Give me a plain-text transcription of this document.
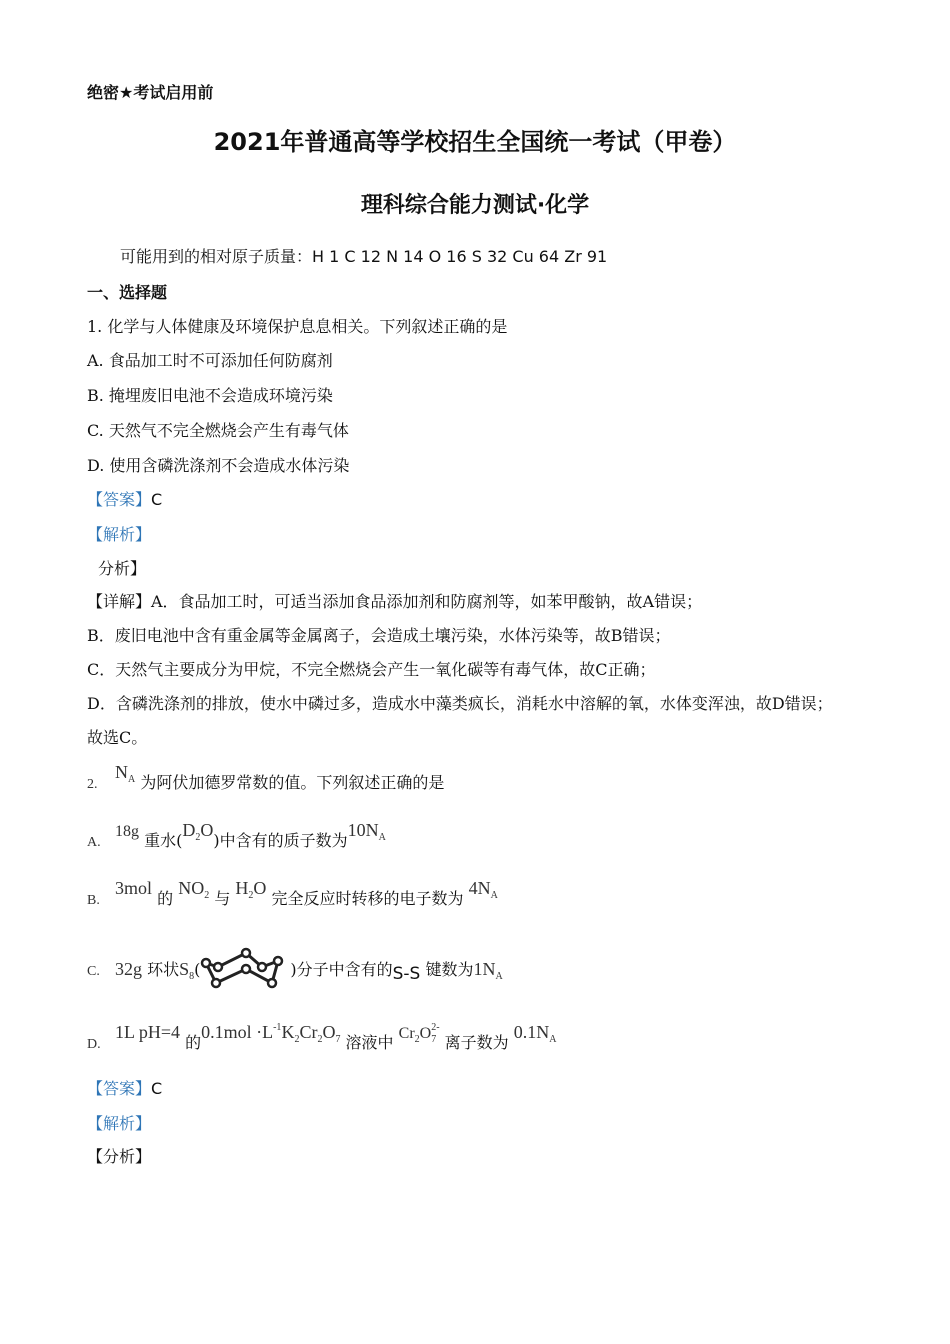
绝密★考试启用前
2021年普通高等学校招生全国统一考试（甲卷）
理科综合能力测试·化学
可能用到的相对原子质量：H 1 C 12 N 14 O 16 S 32 Cu 64 Zr 91
一、选择题
1. 化学与人体健康及环境保护息息相关。下列叙述正确的是
A. 食品加工时不可添加任何防腐剂
B. 掩埋废旧电池不会造成环境污染
C. 天然气不完全燃烧会产生有毒气体
D. 使用含磷洗涤剂不会造成水体污染
【答案】C
【解析】
分析】
【详解】A．食品加工时，可适当添加食品添加剂和防腐剂等，如苯甲酸钠，故A错误；
B．废旧电池中含有重金属等金属离子，会造成土壤污染，水体污染等，故B错误；
C．天然气主要成分为甲烷，不完全燃烧会产生一氧化碳等有毒气体，故C正确；
D．含磷洗涤剂的排放，使水中磷过多，造成水中藻类疯长，消耗水中溶解的氧，水体变浑浊，故D错误；
故选C。
$2.N^A$ 为阿伏加德罗常数的值。下列叙述正确的是
A.18g 重水$(D^2O)$中含有的质子数为$10N^A$
B.3mol 的 $NO^2$ 与 $H^2O$ 完全反应时转移的电子数为 $4N^A$
C. 32g 环状$S_8$(	)分子中含有的S-S 键数为$1N_A$
D.1L pH=4 的$0.1mol \cdot L^{-1}K^2Cr^2O^7$ 溶液中 $Cr^2O^{72-}$ 离子数为 $0.1N^A$
【答案】C
【解析】
【分析】
